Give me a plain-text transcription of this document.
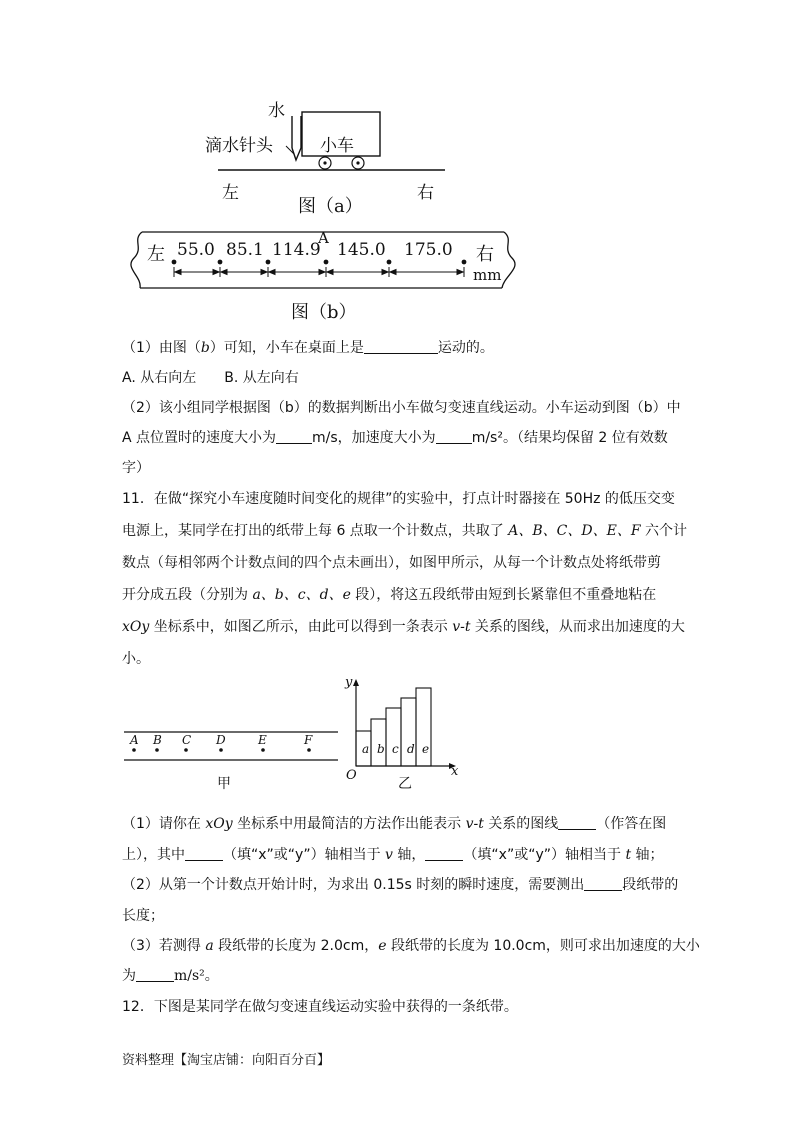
水
滴水针头	小车
左	右
图（a）
左 55.0 85.1 114.9
A
145.0 175.0 右
mm
图（b）
（1）由图（b）可知，小车在桌面上是	运动的。
A. 从右向左 B. 从左向右
（2）该小组同学根据图（b）的数据判断出小车做匀变速直线运动。小车运动到图（b）中
A 点位置时的速度大小为	m/s，加速度大小为	m/s²。（结果均保留 2 位有效数
字）
11．在做“探究小车速度随时间变化的规律”的实验中，打点计时器接在 50Hz 的低压交变
电源上，某同学在打出的纸带上每 6 点取一个计数点，共取了 A、B、C、D、E、F 六个计
数点（每相邻两个计数点间的四个点未画出），如图甲所示，从每一个计数点处将纸带剪
开分成五段（分别为 a、b、c、d、e 段），将这五段纸带由短到长紧靠但不重叠地粘在
xOy 坐标系中，如图乙所示，由此可以得到一条表示 v-t 关系的图线，从而求出加速度的大
小。
A B C D	E	F
甲
y
x
O
a b c d e
乙
（1）请你在 xOy 坐标系中用最简洁的方法作出能表示 v-t 关系的图线	（作答在图
上），其中	（填“x”或“y”）轴相当于 v 轴，	（填“x”或“y”）轴相当于 t 轴；
（2）从第一个计数点开始计时，为求出 0.15s 时刻的瞬时速度，需要测出	段纸带的
长度；
（3）若测得 a 段纸带的长度为 2.0cm，e 段纸带的长度为 10.0cm，则可求出加速度的大小
为	m/s²。
12．下图是某同学在做匀变速直线运动实验中获得的一条纸带。
资料整理【淘宝店铺：向阳百分百】
